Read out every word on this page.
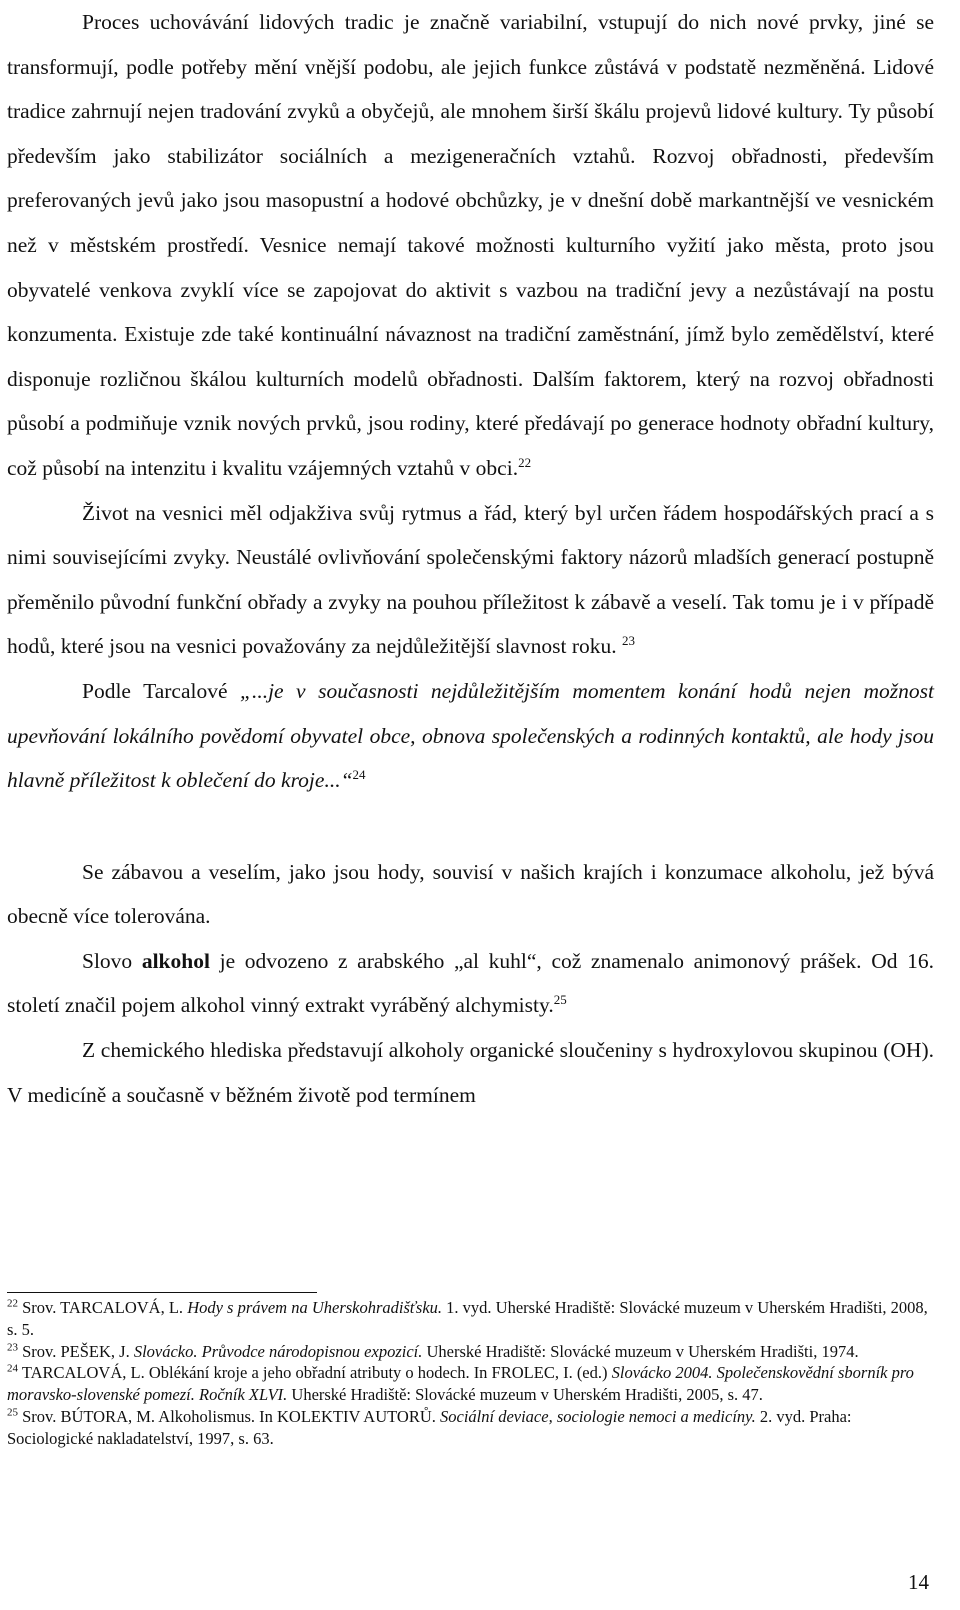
Proces uchovávání lidových tradic je značně variabilní, vstupují do nich nové prvky, jiné se transformují, podle potřeby mění vnější podobu, ale jejich funkce zůstává v podstatě nezměněná. Lidové tradice zahrnují nejen tradování zvyků a obyčejů, ale mnohem širší škálu projevů lidové kultury. Ty působí především jako stabilizátor sociálních a mezigeneračních vztahů. Rozvoj obřadnosti, především preferovaných jevů jako jsou masopustní a hodové obchůzky, je v dnešní době markantnější ve vesnickém než v městském prostředí. Vesnice nemají takové možnosti kulturního vyžití jako města, proto jsou obyvatelé venkova zvyklí více se zapojovat do aktivit s vazbou na tradiční jevy a nezůstávají na postu konzumenta. Existuje zde také kontinuální návaznost na tradiční zaměstnání, jímž bylo zemědělství, které disponuje rozličnou škálou kulturních modelů obřadnosti. Dalším faktorem, který na rozvoj obřadnosti působí a podmiňuje vznik nových prvků, jsou rodiny, které předávají po generace hodnoty obřadní kultury, což působí na intenzitu i kvalitu vzájemných vztahů v obci.$^{22}$

Život na vesnici měl odjakživa svůj rytmus a řád, který byl určen řádem hospodářských prací a s nimi souvisejícími zvyky. Neustálé ovlivňování společenskými faktory názorů mladších generací postupně přeměnilo původní funkční obřady a zvyky na pouhou příležitost k zábavě a veselí. Tak tomu je i v případě hodů, které jsou na vesnici považovány za nejdůležitější slavnost roku. $^{23}$

Podle Tarcalové „...je v současnosti nejdůležitějším momentem konání hodů nejen možnost upevňování lokálního povědomí obyvatel obce, obnova společenských a rodinných kontaktů, ale hody jsou hlavně příležitost k oblečení do kroje...“$^{24}$

Se zábavou a veselím, jako jsou hody, souvisí v našich krajích i konzumace alkoholu, jež bývá obecně více tolerována.

Slovo alkohol je odvozeno z arabského „al kuhl“, což znamenalo animonový prášek. Od 16. století značil pojem alkohol vinný extrakt vyráběný alchymisty.$^{25}$

Z chemického hlediska představují alkoholy organické sloučeniny s hydroxylovou skupinou (OH). V medicíně a současně v běžném životě pod termínem

$^{22}$ Srov. TARCALOVÁ, L. Hody s právem na Uherskohradišťsku. 1. vyd. Uherské Hradiště: Slovácké muzeum v Uherském Hradišti, 2008, s. 5.

$^{23}$ Srov. PEŠEK, J. Slovácko. Průvodce národopisnou expozicí. Uherské Hradiště: Slovácké muzeum v Uherském Hradišti, 1974.

$^{24}$ TARCALOVÁ, L. Oblékání kroje a jeho obřadní atributy o hodech. In FROLEC, I. (ed.) Slovácko 2004. Společenskovědní sborník pro moravsko-slovenské pomezí. Ročník XLVI. Uherské Hradiště: Slovácké muzeum v Uherském Hradišti, 2005, s. 47.

$^{25}$ Srov. BÚTORA, M. Alkoholismus. In KOLEKTIV AUTORŮ. Sociální deviace, sociologie nemoci a medicíny. 2. vyd. Praha: Sociologické nakladatelství, 1997, s. 63.

14
